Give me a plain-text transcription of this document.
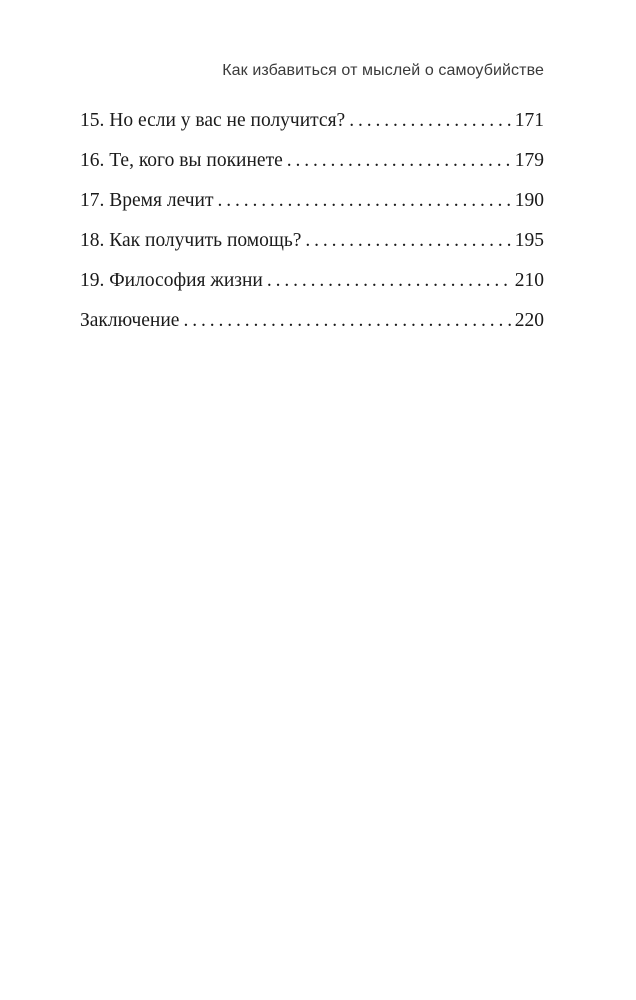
Как избавиться от мыслей о самоубийстве
15. Но если у вас не получится? . . .	171
16. Те, кого вы покинете . . .	179
17. Время лечит . . .	190
18. Как получить помощь? . . .	195
19. Философия жизни . . .	210
Заключение . . .	220
